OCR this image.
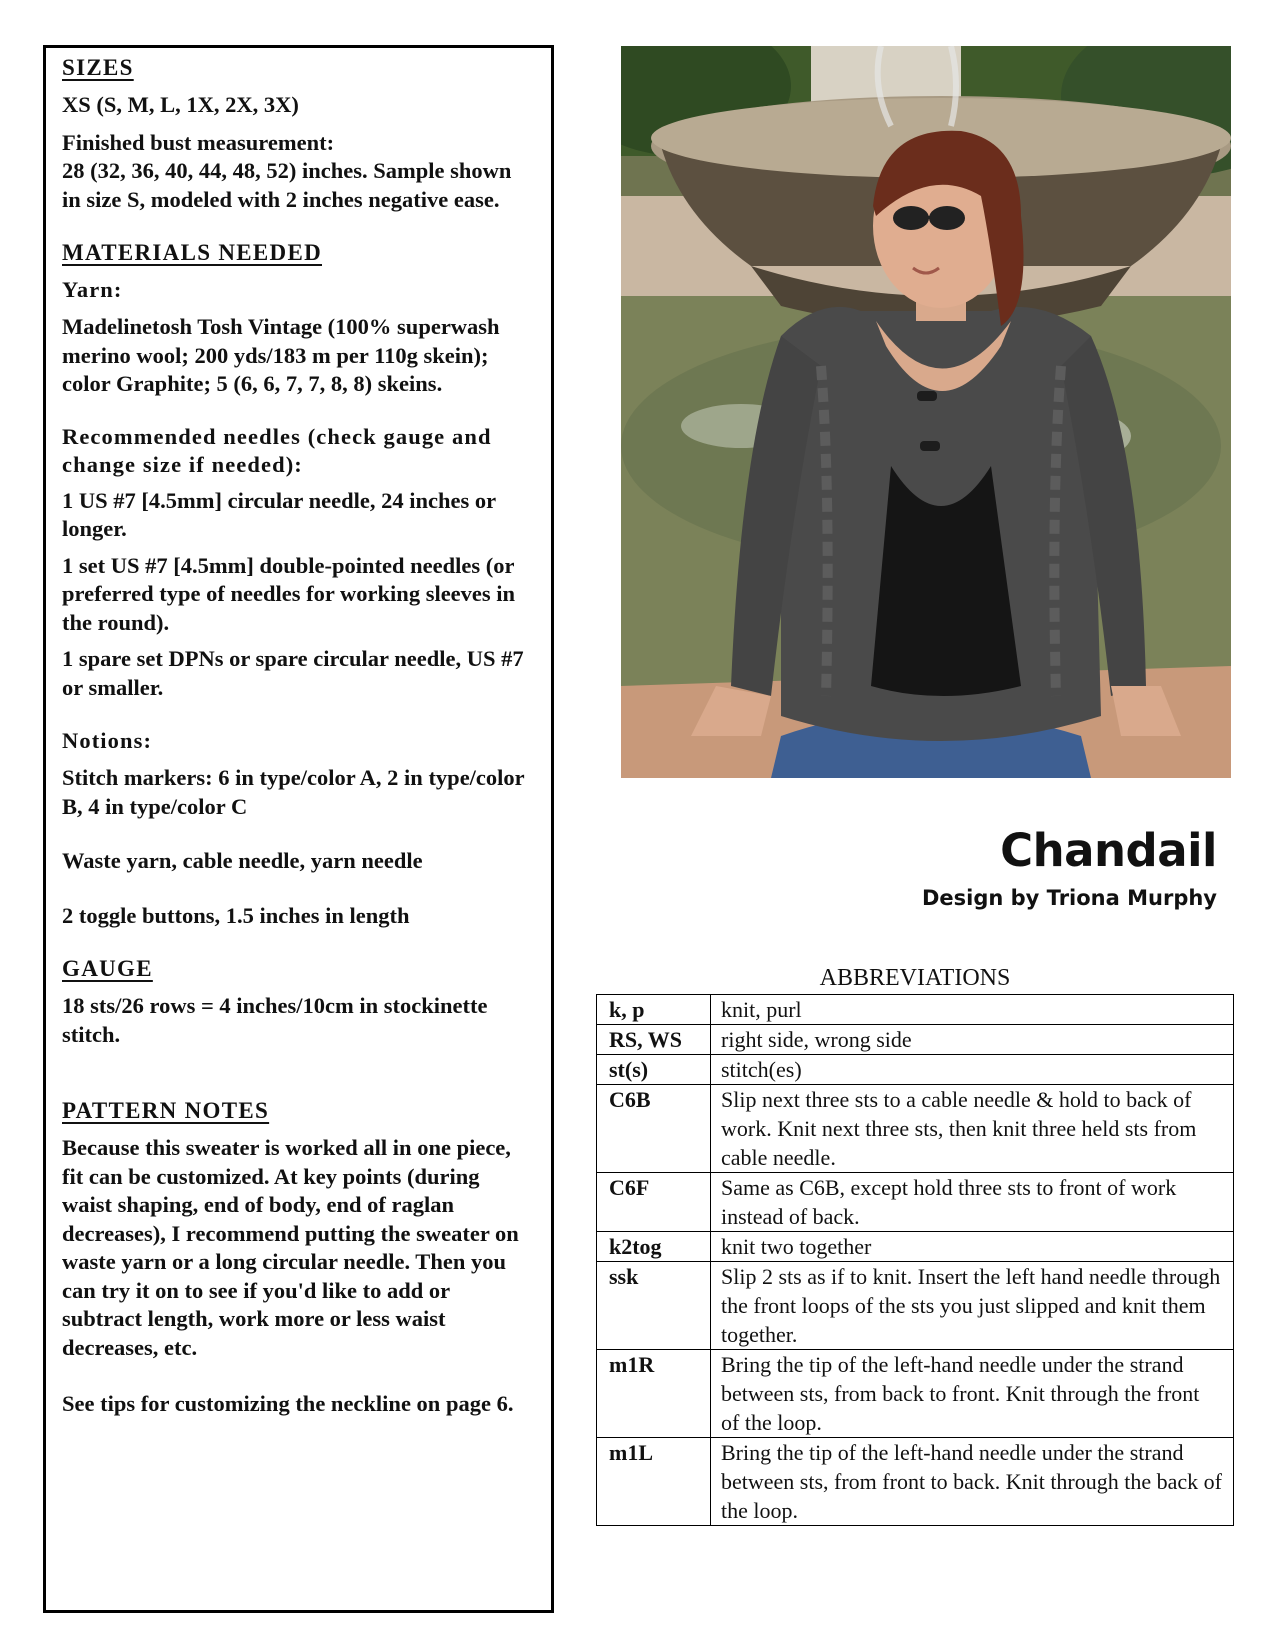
SIZES
XS (S, M, L, 1X, 2X, 3X)
Finished bust measurement:
28 (32, 36, 40, 44, 48, 52) inches. Sample shown in size S, modeled with 2 inches negative ease.
MATERIALS NEEDED
Yarn:
Madelinetosh Tosh Vintage (100% superwash merino wool; 200 yds/183 m per 110g skein); color Graphite; 5 (6, 6, 7, 7, 8, 8) skeins.
Recommended needles (check gauge and change size if needed):
1 US #7 [4.5mm] circular needle, 24 inches or longer.
1 set US #7 [4.5mm] double-pointed needles (or preferred type of needles for working sleeves in the round).
1 spare set DPNs or spare circular needle, US #7 or smaller.
Notions:
Stitch markers: 6 in type/color A, 2 in type/color B, 4 in type/color C
Waste yarn, cable needle, yarn needle
2 toggle buttons, 1.5 inches in length
GAUGE
18 sts/26 rows = 4 inches/10cm in stockinette stitch.
PATTERN NOTES
Because this sweater is worked all in one piece, fit can be customized. At key points (during waist shaping, end of body, end of raglan decreases), I recommend putting the sweater on waste yarn or a long circular needle. Then you can try it on to see if you'd like to add or subtract length, work more or less waist decreases, etc.
See tips for customizing the neckline on page 6.
Chandail
Design by Triona Murphy
ABBREVIATIONS
k, p	knit, purl
RS, WS	right side, wrong side
st(s)	stitch(es)
C6B	Slip next three sts to a cable needle & hold to back of work. Knit next three sts, then knit three held sts from cable needle.
C6F	Same as C6B, except hold three sts to front of work instead of back.
k2tog	knit two together
ssk	Slip 2 sts as if to knit. Insert the left hand needle through the front loops of the sts you just slipped and knit them together.
m1R	Bring the tip of the left-hand needle under the strand between sts, from back to front. Knit through the front of the loop.
m1L	Bring the tip of the left-hand needle under the strand between sts, from front to back. Knit through the back of the loop.
